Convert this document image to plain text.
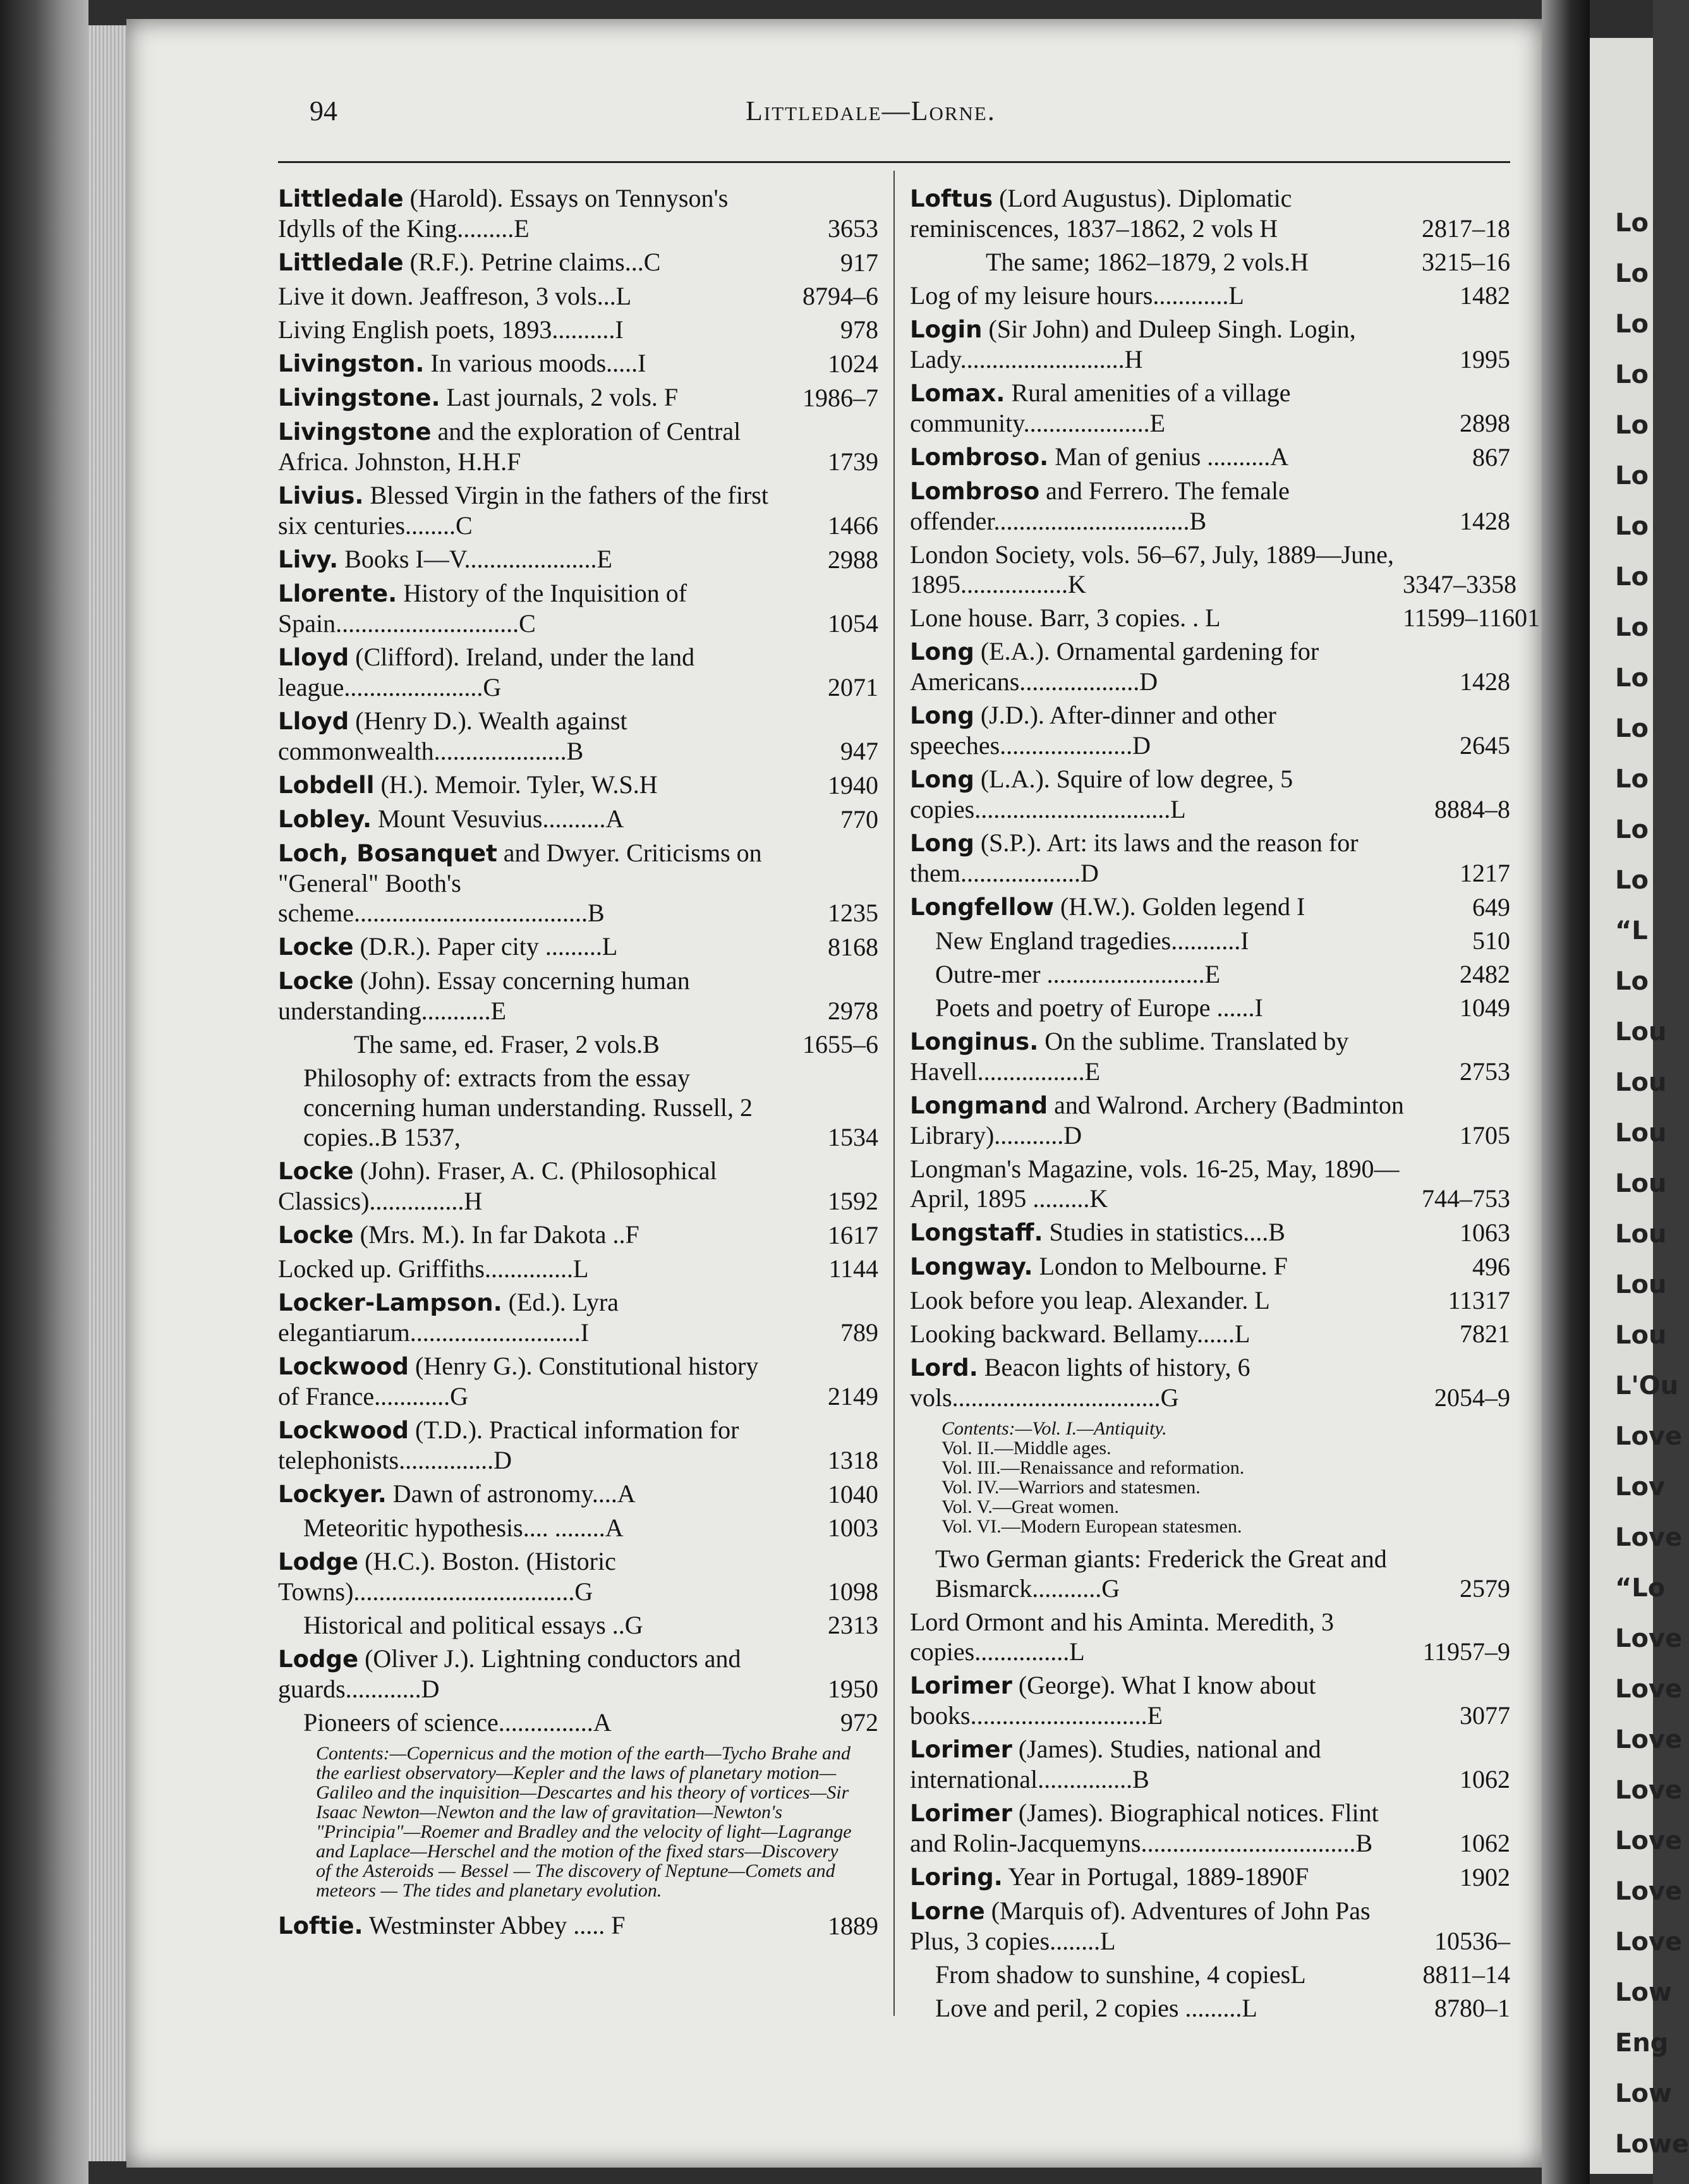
Lo
Lo
Lo
Lo
Lo
Lo
Lo
Lo
Lo
Lo
Lo
Lo
Lo
Lo
“L
Lo
Lou
Lou
Lou
Lou
Lou
Lou
Lou
L'Ou
Love
Lov
Love
“Lo
Love
Love
Love
Love
Love
Love
Love
Low
Eng
Low
Lowe
94	Littledale—Lorne.
Littledale (Harold). Essays on Tennyson's Idylls of the King.........E	3653
Littledale (R.F.). Petrine claims...C	917
Live it down. Jeaffreson, 3 vols...L	8794–6
Living English poets, 1893..........I	978
Livingston. In various moods.....I	1024
Livingstone. Last journals, 2 vols. F	1986–7
Livingstone and the exploration of Central Africa. Johnston, H.H.F	1739
Livius. Blessed Virgin in the fathers of the first six centuries........C	1466
Livy. Books I—V.....................E	2988
Llorente. History of the Inquisition of Spain.............................C	1054
Lloyd (Clifford). Ireland, under the land league......................G	2071
Lloyd (Henry D.). Wealth against commonwealth.....................B	947
Lobdell (H.). Memoir. Tyler, W.S.H	1940
Lobley. Mount Vesuvius..........A	770
Loch, Bosanquet and Dwyer. Criticisms on "General" Booth's scheme.....................................B	1235
Locke (D.R.). Paper city .........L	8168
Locke (John). Essay concerning human understanding...........E	2978
The same, ed. Fraser, 2 vols.B	1655–6
Philosophy of: extracts from the essay concerning human understanding. Russell, 2 copies..B 1537,	1534
Locke (John). Fraser, A. C. (Philosophical Classics)...............H	1592
Locke (Mrs. M.). In far Dakota ..F	1617
Locked up. Griffiths..............L	1144
Locker-Lampson. (Ed.). Lyra elegantiarum...........................I	789
Lockwood (Henry G.). Constitutional history of France............G	2149
Lockwood (T.D.). Practical information for telephonists...............D	1318
Lockyer. Dawn of astronomy....A	1040
Meteoritic hypothesis.... ........A	1003
Lodge (H.C.). Boston. (Historic Towns)...................................G	1098
Historical and political essays ..G	2313
Lodge (Oliver J.). Lightning conductors and guards............D	1950
Pioneers of science...............A	972
Contents:—Copernicus and the motion of the earth—Tycho Brahe and the earliest observatory—Kepler and the laws of planetary motion—Galileo and the inquisition—Descartes and his theory of vortices—Sir Isaac Newton—Newton and the law of gravitation—Newton's "Principia"—Roemer and Bradley and the velocity of light—Lagrange and Laplace—Herschel and the motion of the fixed stars—Discovery of the Asteroids — Bessel — The discovery of Neptune—Comets and meteors — The tides and planetary evolution.
Loftie. Westminster Abbey ..... F	1889
Loftus (Lord Augustus). Diplomatic reminiscences, 1837–1862, 2 vols H	2817–18
The same; 1862–1879, 2 vols.H	3215–16
Log of my leisure hours............L	1482
Login (Sir John) and Duleep Singh. Login, Lady..........................H	1995
Lomax. Rural amenities of a village community....................E	2898
Lombroso. Man of genius ..........A	867
Lombroso and Ferrero. The female offender...............................B	1428
London Society, vols. 56–67, July, 1889—June, 1895.................K	3347–3358
Lone house. Barr, 3 copies. . L	11599–11601
Long (E.A.). Ornamental gardening for Americans...................D	1428
Long (J.D.). After-dinner and other speeches.....................D	2645
Long (L.A.). Squire of low degree, 5 copies...............................L	8884–8
Long (S.P.). Art: its laws and the reason for them...................D	1217
Longfellow (H.W.). Golden legend I	649
New England tragedies...........I	510
Outre-mer .........................E	2482
Poets and poetry of Europe ......I	1049
Longinus. On the sublime. Translated by Havell.................E	2753
Longmand and Walrond. Archery (Badminton Library)...........D	1705
Longman's Magazine, vols. 16-25, May, 1890—April, 1895 .........K	744–753
Longstaff. Studies in statistics....B	1063
Longway. London to Melbourne. F	496
Look before you leap. Alexander. L	11317
Looking backward. Bellamy......L	7821
Lord. Beacon lights of history, 6 vols.................................G	2054–9
Contents:—Vol. I.—Antiquity.
Vol. II.—Middle ages.
Vol. III.—Renaissance and reformation.
Vol. IV.—Warriors and statesmen.
Vol. V.—Great women.
Vol. VI.—Modern European statesmen.
Two German giants: Frederick the Great and Bismarck...........G	2579
Lord Ormont and his Aminta. Meredith, 3 copies...............L	11957–9
Lorimer (George). What I know about books............................E	3077
Lorimer (James). Studies, national and international...............B	1062
Lorimer (James). Biographical notices. Flint and Rolin-Jacquemyns..................................B	1062
Loring. Year in Portugal, 1889-1890F	1902
Lorne (Marquis of). Adventures of John Pas Plus, 3 copies........L	10536–
From shadow to sunshine, 4 copiesL	8811–14
Love and peril, 2 copies .........L	8780–1
